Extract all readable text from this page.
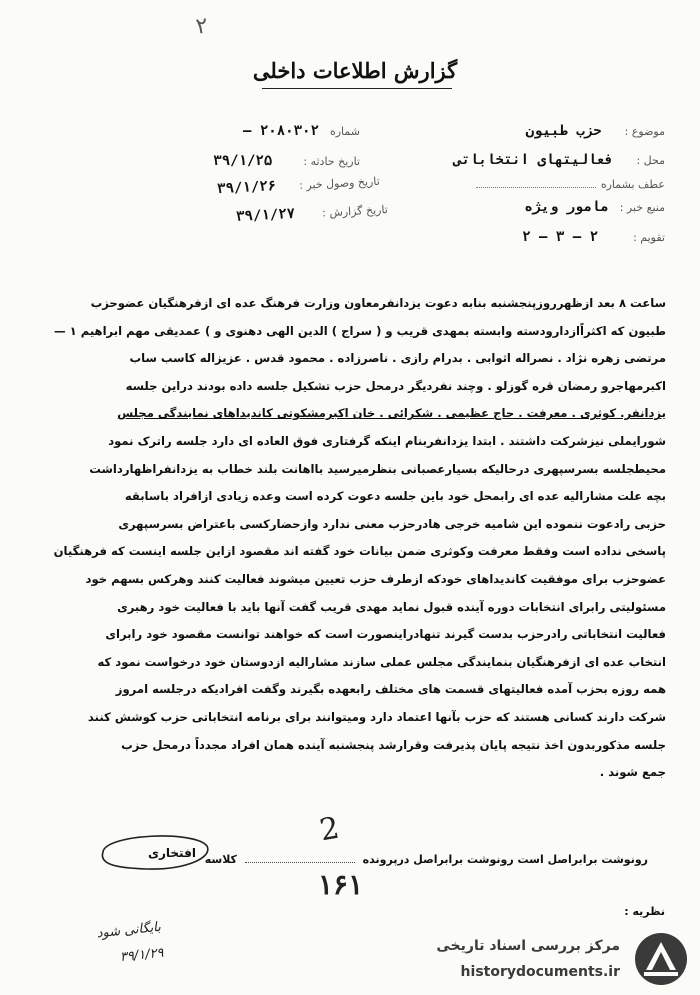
۲
گزارش اطلاعات داخلی
موضوع : حزب طبیون
محل : فعالیتهای انتخاباتی
عطف بشماره
منبع خبر : مامور ویژه
تقویم : ۲ — ۳ — ۲
شماره ۲۰۸۰۳۰۲ —
تاریخ حادثه : ۳۹/۱/۲۵
تاریخ وصول خبر : ۳۹/۱/۲۶
تاریخ گزارش : ۳۹/۱/۲۷
ساعت ۸ بعد ازظهرروزپنجشنبه بنابه دعوت یزدانفرمعاون وزارت فرهنگ عده ای ازفرهنگیان عضوحزب
طبیون که اکثراًازدارودسته وابسته بمهدی قریب و ( سراج ) الدین الهی دهنوی و ) عمدیقی مهم ابراهیم ۱ —
مرتضی زهره نژاد . نصراله اثوابی . بدرام رازی . ناصرزاده . محمود قدس . عزیزاله کاسب ساب
اکبرمهاجرو رمضان قره گوزلو . وچند نفردیگر درمحل حزب تشکیل جلسه داده بودند دراین جلسه
یزدانفر. کوثری . معرفت . حاج عظیمی . شکرائی . خان اکبرمشکوتی کاندیداهای نمایندگی مجلس
شورایملی نیزشرکت داشتند . ابتدا یزدانفربنام اینکه گرفتاری فوق العاده ای دارد جلسه راترک نمود
محیطجلسه بسرسپهری درحالیکه بسیارعصبانی بنظرمیرسید بااهانت بلند خطاب به یزدانفراظهارداشت
بچه علت مشارالیه عده ای رابمحل خود باین جلسه دعوت کرده است وعده زیادی ازافراد باسابقه
حزبی رادعوت ننموده این شامیه خرجی هادرحزب معنی ندارد وازحضارکسی باعتراض بسرسپهری
پاسخی نداده است وفقط معرفت وکوثری ضمن بیانات خود گفته اند مقصود ازاین جلسه اینست که فرهنگیان
عضوحزب برای موفقیت کاندیداهای خودکه ازطرف حزب تعیین میشوند فعالیت کنند وهرکس بسهم خود
مسئولیتی رابرای انتخابات دوره آینده قبول نماید مهدی قریب گفت آنها باید با فعالیت خود رهبری
فعالیت انتخاباتی رادرحزب بدست گیرند تنهادراینصورت است که خواهند توانست مقصود خود رابرای
انتخاب عده ای ازفرهنگیان بنمایندگی مجلس عملی سازند مشارالیه ازدوستان خود درخواست نمود که
همه روزه بحزب آمده فعالیتهای قسمت های مختلف رابعهده بگیرند وگفت افرادیکه درجلسه امروز
شرکت دارند کسانی هستند که حزب بآنها اعتماد دارد ومیتوانند برای برنامه انتخاباتی حزب کوشش کنند
جلسه مذکوربدون اخذ نتیجه پایان پذیرفت وقرارشد پنجشنبه آینده همان افراد مجدداً درمحل حزب
جمع شوند .
رونوشت برابراصل است رونوشت برابراصل درپرونده  کلاسه
افتخاری
2
۱۶۱
نظریه :
بایگانی شود
۳۹/۱/۲۹	مرکز بررسی اسناد تاریخی
historydocuments.ir
